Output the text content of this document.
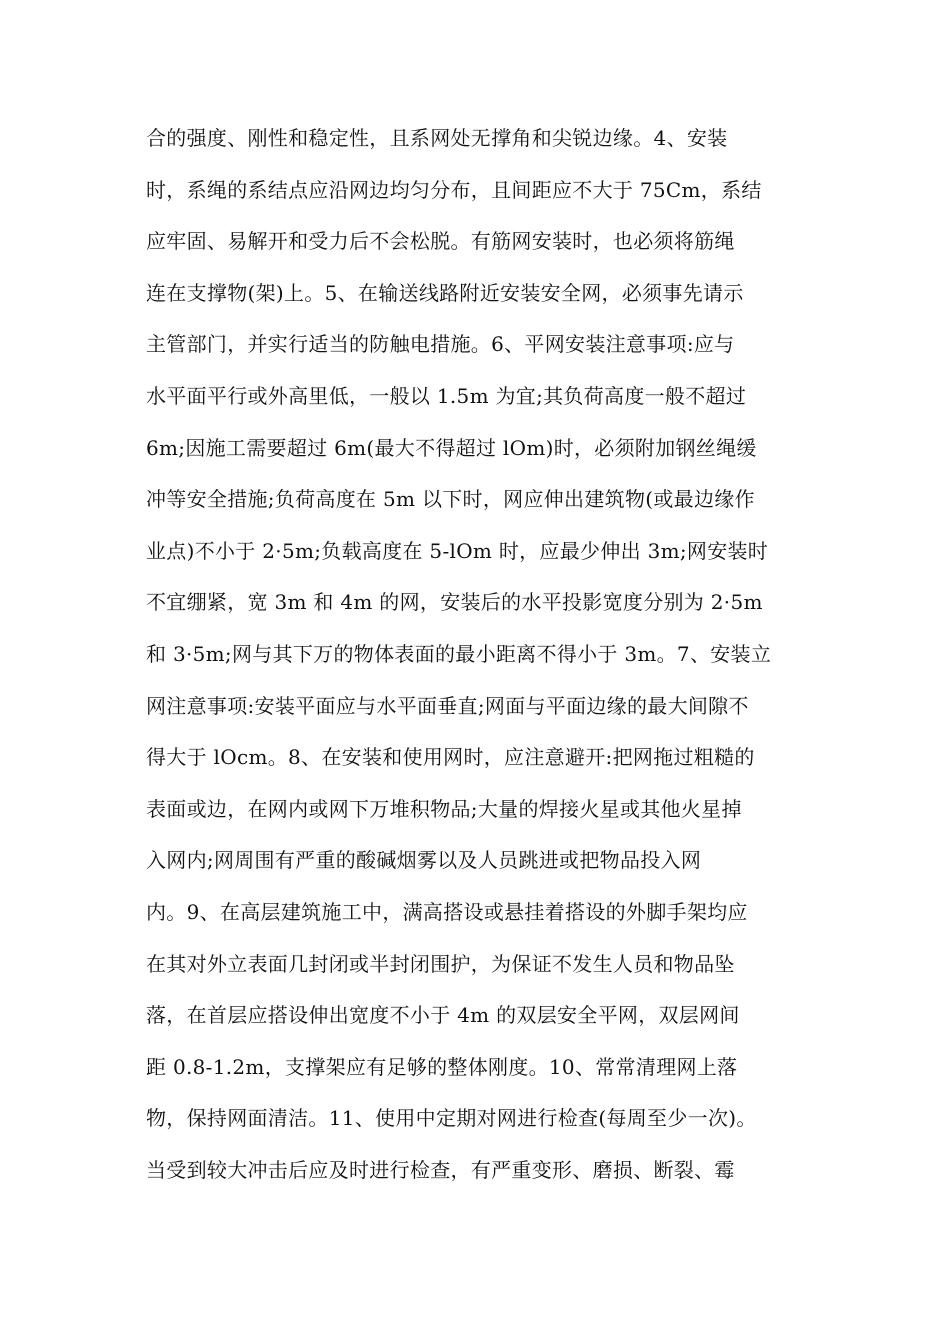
合的强度、刚性和稳定性，且系网处无撑角和尖锐边缘。4、安装
时，系绳的系结点应沿网边均匀分布，且间距应不大于 75Cm，系结
应牢固、易解开和受力后不会松脱。有筋网安装时，也必须将筋绳
连在支撑物(架)上。5、在输送线路附近安装安全网，必须事先请示
主管部门，并实行适当的防触电措施。6、平网安装注意事项:应与
水平面平行或外高里低，一般以 1.5m 为宜;其负荷高度一般不超过
6m;因施工需要超过 6m(最大不得超过 lOm)时，必须附加钢丝绳缓
冲等安全措施;负荷高度在 5m 以下时，网应伸出建筑物(或最边缘作
业点)不小于 2·5m;负载高度在 5-lOm 时，应最少伸出 3m;网安装时
不宜绷紧，宽 3m 和 4m 的网，安装后的水平投影宽度分别为 2·5m
和 3·5m;网与其下万的物体表面的最小距离不得小于 3m。7、安装立
网注意事项:安装平面应与水平面垂直;网面与平面边缘的最大间隙不
得大于 lOcm。8、在安装和使用网时，应注意避开:把网拖过粗糙的
表面或边，在网内或网下万堆积物品;大量的焊接火星或其他火星掉
入网内;网周围有严重的酸碱烟雾以及人员跳进或把物品投入网
内。9、在高层建筑施工中，满高搭设或悬挂着搭设的外脚手架均应
在其对外立表面几封闭或半封闭围护，为保证不发生人员和物品坠
落，在首层应搭设伸出宽度不小于 4m 的双层安全平网，双层网间
距 0.8-1.2m，支撑架应有足够的整体刚度。10、常常清理网上落
物，保持网面清洁。11、使用中定期对网进行检查(每周至少一次)。
当受到较大冲击后应及时进行检查，有严重变形、磨损、断裂、霉
